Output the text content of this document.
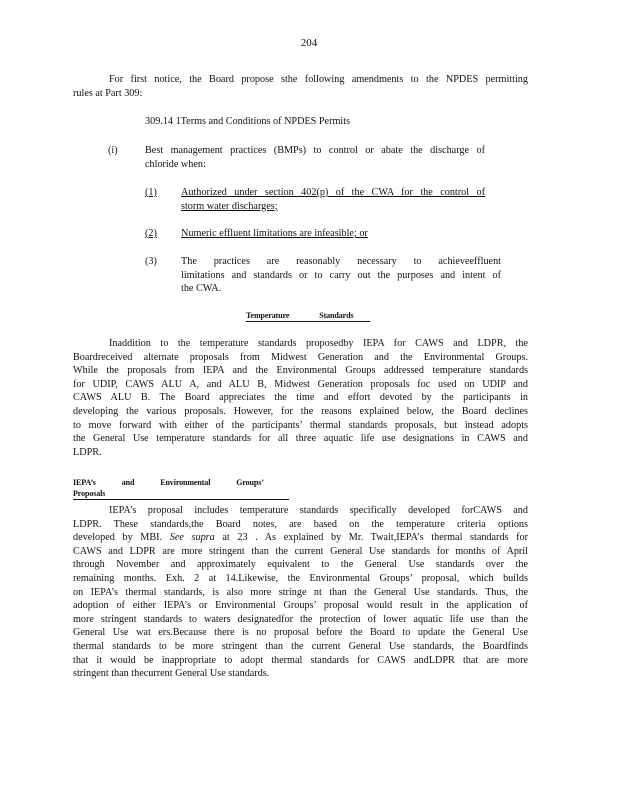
204
For first notice, the Board propose sthe following amendments to the NPDES permitting
rules at Part 309:
309.14 1Terms and Conditions of NPDES Permits
(i)	Best management practices (BMPs) to control or abate the discharge of
chloride when:
(1) Authorized under section 402(p) of the CWA for the control of
storm water discharges;
(2) Numeric effluent limitations are infeasible; or
(3) The practices are reasonably necessary to achieveeffluent
limitations and standards or to carry out the purposes and intent of
the CWA.
Temperature Standards
Inaddition to the temperature standards proposedby IEPA for CAWS and LDPR, the
Boardreceived alternate proposals from Midwest Generation and the Environmental Groups.
While the proposals from IEPA and the Environmental Groups addressed temperature standards
for UDIP, CAWS ALU A, and ALU B, Midwest Generation proposals foc used on UDIP and
CAWS ALU B. The Board appreciates the time and effort devoted by the participants in
developing the various proposals. However, for the reasons explained below, the Board declines
to move forward with either of the participants’ thermal standards proposals, but instead adopts
the General Use temperature standards for all three aquatic life use designations in CAWS and
LDPR.
IEPA’s and Environmental Groups’ Proposals
IEPA’s proposal includes temperature standards specifically developed forCAWS and
LDPR. These standards,the Board notes, are based on the temperature criteria options
developed by MBI. See supra at 23 . As explained by Mr. Twait,IEPA’s thermal standards for
CAWS and LDPR are more stringent than the current General Use standards for months of April
through November and approximately equivalent to the General Use standards over the
remaining months. Exh. 2 at 14.Likewise, the Environmental Groups’ proposal, which builds
on IEPA’s thermal standards, is also more stringe nt than the General Use standards. Thus, the
adoption of either IEPA’s or Environmental Groups’ proposal would result in the application of
more stringent standards to waters designatedfor the protection of lower aquatic life use than the
General Use wat ers.Because there is no proposal before the Board to update the General Use
thermal standards to be more stringent than the current General Use standards, the Boardfinds
that it would be inappropriate to adopt thermal standards for CAWS andLDPR that are more
stringent than thecurrent General Use standards.
